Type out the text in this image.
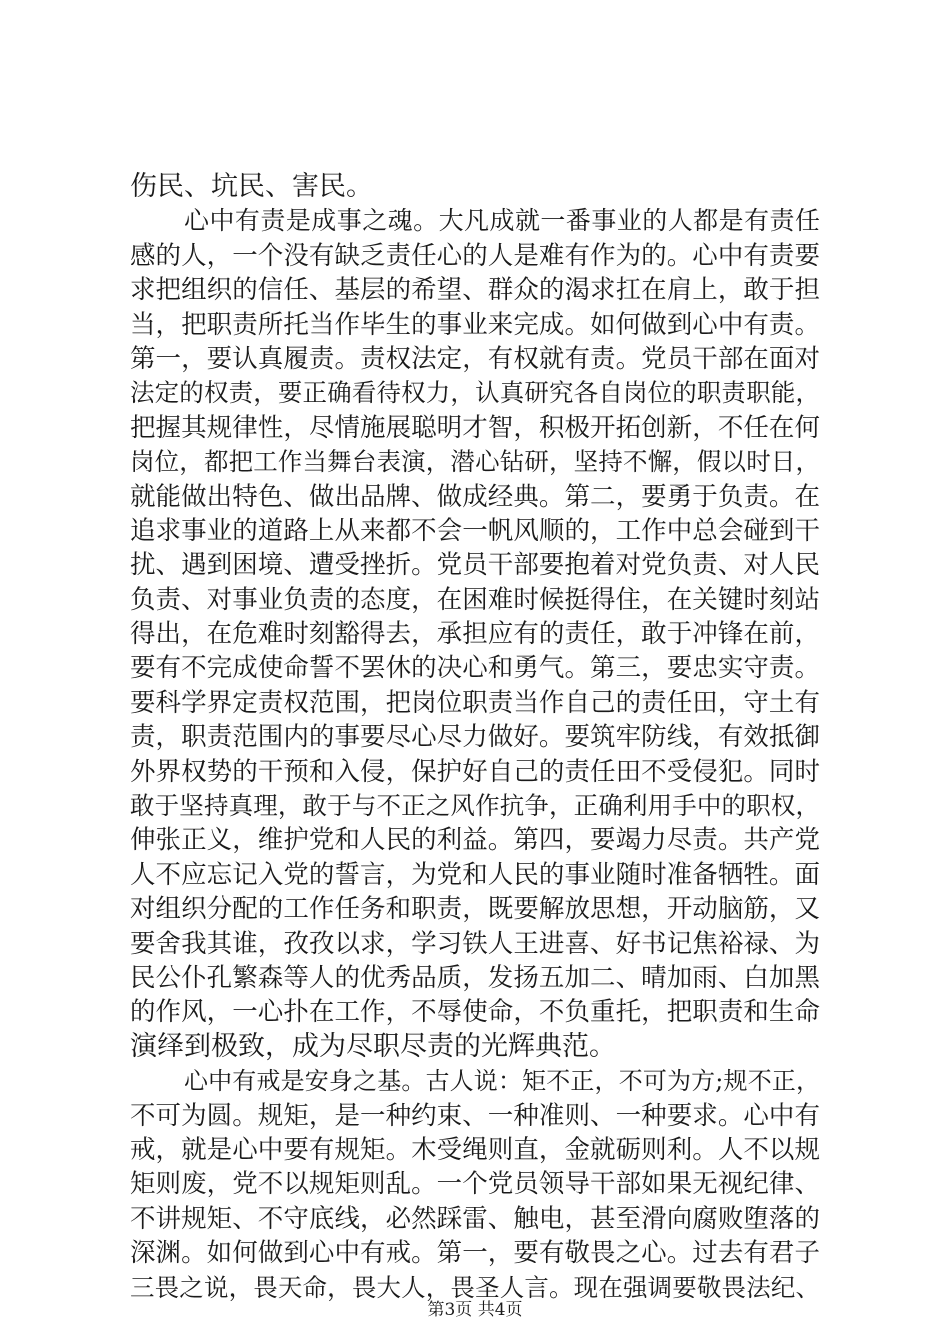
伤民、坑民、害民。
心中有责是成事之魂。大凡成就一番事业的人都是有责任
感的人，一个没有缺乏责任心的人是难有作为的。心中有责要
求把组织的信任、基层的希望、群众的渴求扛在肩上，敢于担
当，把职责所托当作毕生的事业来完成。如何做到心中有责。
第一，要认真履责。责权法定，有权就有责。党员干部在面对
法定的权责，要正确看待权力，认真研究各自岗位的职责职能，
把握其规律性，尽情施展聪明才智，积极开拓创新，不任在何
岗位，都把工作当舞台表演，潜心钻研，坚持不懈，假以时日，
就能做出特色、做出品牌、做成经典。第二，要勇于负责。在
追求事业的道路上从来都不会一帆风顺的，工作中总会碰到干
扰、遇到困境、遭受挫折。党员干部要抱着对党负责、对人民
负责、对事业负责的态度，在困难时候挺得住，在关键时刻站
得出，在危难时刻豁得去，承担应有的责任，敢于冲锋在前，
要有不完成使命誓不罢休的决心和勇气。第三，要忠实守责。
要科学界定责权范围，把岗位职责当作自己的责任田，守土有
责，职责范围内的事要尽心尽力做好。要筑牢防线，有效抵御
外界权势的干预和入侵，保护好自己的责任田不受侵犯。同时
敢于坚持真理，敢于与不正之风作抗争，正确利用手中的职权，
伸张正义，维护党和人民的利益。第四，要竭力尽责。共产党
人不应忘记入党的誓言，为党和人民的事业随时准备牺牲。面
对组织分配的工作任务和职责，既要解放思想，开动脑筋，又
要舍我其谁，孜孜以求，学习铁人王进喜、好书记焦裕禄、为
民公仆孔繁森等人的优秀品质，发扬五加二、晴加雨、白加黑
的作风，一心扑在工作，不辱使命，不负重托，把职责和生命
演绎到极致，成为尽职尽责的光辉典范。
心中有戒是安身之基。古人说：矩不正，不可为方;规不正，
不可为圆。规矩，是一种约束、一种准则、一种要求。心中有
戒，就是心中要有规矩。木受绳则直，金就砺则利。人不以规
矩则废，党不以规矩则乱。一个党员领导干部如果无视纪律、
不讲规矩、不守底线，必然踩雷、触电，甚至滑向腐败堕落的
深渊。如何做到心中有戒。第一，要有敬畏之心。过去有君子
三畏之说，畏天命，畏大人，畏圣人言。现在强调要敬畏法纪、
第3页 共4页
